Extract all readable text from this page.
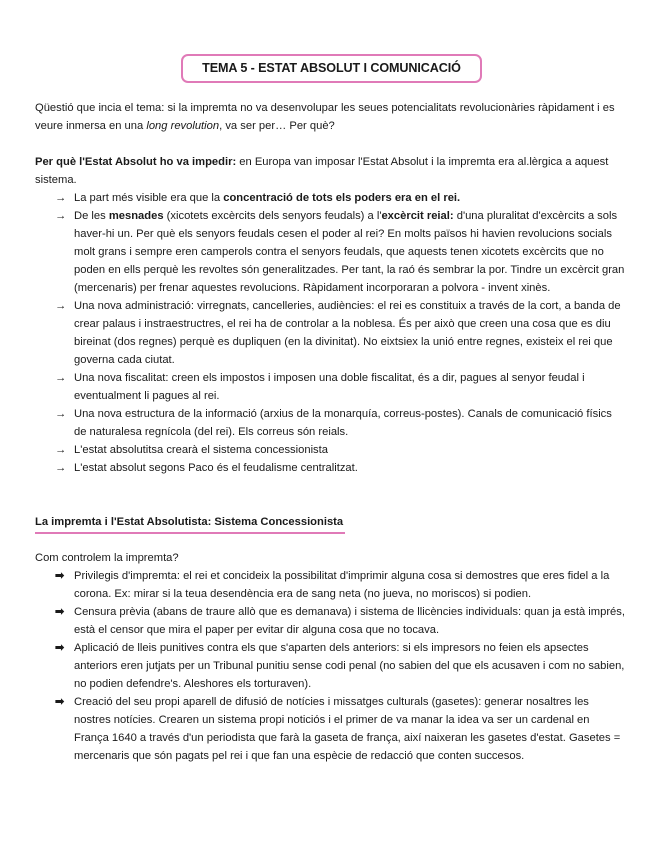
TEMA 5 - ESTAT ABSOLUT I COMUNICACIÓ
Qüestió que incia el tema: si la impremta no va desenvolupar les seues potencialitats revolucionàries ràpidament i es veure inmersa en una long revolution, va ser per… Per què?
Per què l'Estat Absolut ho va impedir: en Europa van imposar l'Estat Absolut i la impremta era al.lèrgica a aquest sistema.
→ La part més visible era que la concentració de tots els poders era en el rei.
→ De les mesnades (xicotets excèrcits dels senyors feudals) a l'excèrcit reial: d'una pluralitat d'excèrcits a sols haver-hi un. Per què els senyors feudals cesen el poder al rei? En molts països hi havien revolucions socials molt grans i sempre eren camperols contra el senyors feudals, que aquests tenen xicotets excèrcits que no poden en ells perquè les revoltes són generalitzades. Per tant, la raó és sembrar la por. Tindre un excèrcit gran (mercenaris) per frenar aquestes revolucions. Ràpidament incorporaran a polvora - invent xinès.
→ Una nova administració: virregnats, cancelleries, audiències: el rei es constituix a través de la cort, a banda de crear palaus i instraestructres, el rei ha de controlar a la noblesa. És per això que creen una cosa que es diu bireinat (dos regnes) perquè es dupliquen (en la divinitat). No eixtsiex la unió entre regnes, existeix el rei que governa cada ciutat.
→ Una nova fiscalitat: creen els impostos i imposen una doble fiscalitat, és a dir, pagues al senyor feudal i eventualment li pagues al rei.
→ Una nova estructura de la informació (arxius de la monarquía, correus-postes). Canals de comunicació físics de naturalesa regnícola (del rei). Els correus són reials.
→ L'estat absolutitsa crearà el sistema concessionista
→ L'estat absolut segons Paco és el feudalisme centralitzat.
La impremta i l'Estat Absolutista: Sistema Concessionista
Com controlem la impremta?
➡ Privilegis d'impremta: el rei et concideix la possibilitat d'imprimir alguna cosa si demostres que eres fidel a la corona. Ex: mirar si la teua desendència era de sang neta (no jueva, no moriscos) si podien.
➡ Censura prèvia (abans de traure allò que es demanava) i sistema de llicències individuals: quan ja està imprés, està el censor que mira el paper per evitar dir alguna cosa que no tocava.
➡ Aplicació de lleis punitives contra els que s'aparten dels anteriors: si els impresors no feien els apsectes anteriors eren jutjats per un Tribunal punitiu sense codi penal (no sabien del que els acusaven i com no sabien, no podien defendre's. Aleshores els torturaven).
➡ Creació del seu propi aparell de difusió de notícies i missatges culturals (gasetes): generar nosaltres les nostres notícies. Crearen un sistema propi noticiós i el primer de va manar la idea va ser un cardenal en França 1640 a través d'un periodista que farà la gaseta de frança, així naixeran les gasetes d'estat. Gasetes = mercenaris que són pagats pel rei i que fan una espècie de redacció que conten succesos.
